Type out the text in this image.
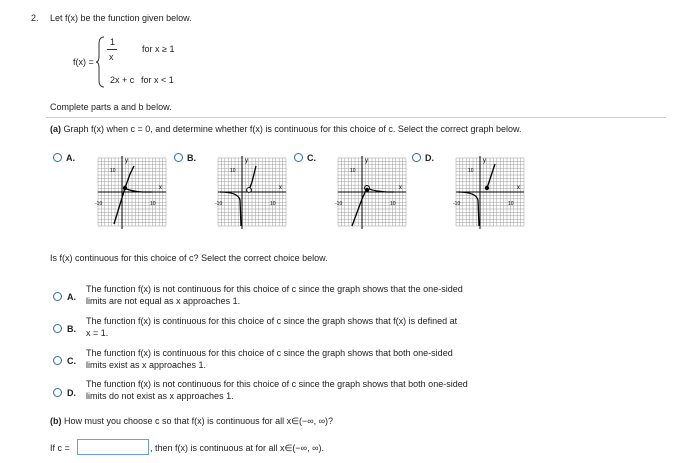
2. Let f(x) be the function given below.
f(x) =
1
x
for x ≥ 1
2x + c for x < 1
Complete parts a and b below.
(a) Graph f(x) when c = 0, and determine whether f(x) is continuous for this choice of c. Select the correct graph below.
A.	B.	C.	D.
y
x
10
-10	10
y
x
10
-10	10
y
x
10
-10	10
y
x
10
-10	10
Is f(x) continuous for this choice of c? Select the correct choice below.
A.
The function f(x) is not continuous for this choice of c since the graph shows that the one-sided
limits are not equal as x approaches 1.
B.
The function f(x) is continuous for this choice of c since the graph shows that f(x) is defined at
x = 1.
C.
The function f(x) is continuous for this choice of c since the graph shows that both one-sided
limits exist as x approaches 1.
D.
The function f(x) is not continuous for this choice of c since the graph shows that both one-sided
limits do not exist as x approaches 1.
(b) How must you choose c so that f(x) is continuous for all x∈(−∞, ∞)?
If c =	, then f(x) is continuous at for all x∈(−∞, ∞).
